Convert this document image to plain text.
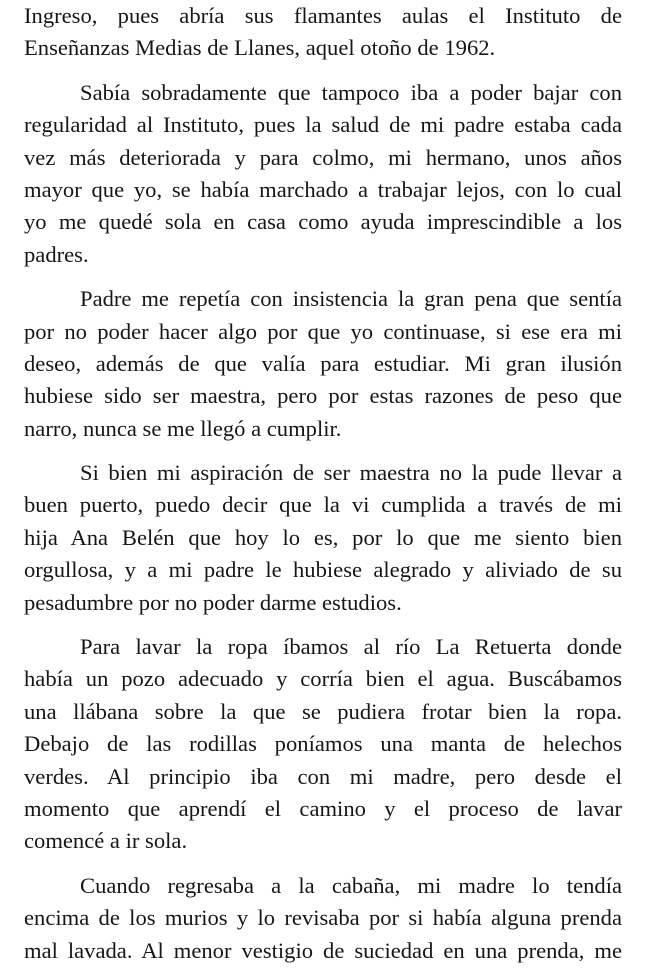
Ingreso, pues abría sus flamantes aulas el Instituto de
Enseñanzas Medias de Llanes, aquel otoño de 1962.
Sabía sobradamente que tampoco iba a poder bajar con
regularidad al Instituto, pues la salud de mi padre estaba cada
vez más deteriorada y para colmo, mi hermano, unos años
mayor que yo, se había marchado a trabajar lejos, con lo cual
yo me quedé sola en casa como ayuda imprescindible a los
padres.
Padre me repetía con insistencia la gran pena que sentía
por no poder hacer algo por que yo continuase, si ese era mi
deseo, además de que valía para estudiar. Mi gran ilusión
hubiese sido ser maestra, pero por estas razones de peso que
narro, nunca se me llegó a cumplir.
Si bien mi aspiración de ser maestra no la pude llevar a
buen puerto, puedo decir que la vi cumplida a través de mi
hija Ana Belén que hoy lo es, por lo que me siento bien
orgullosa, y a mi padre le hubiese alegrado y aliviado de su
pesadumbre por no poder darme estudios.
Para lavar la ropa íbamos al río La Retuerta donde
había un pozo adecuado y corría bien el agua. Buscábamos
una llábana sobre la que se pudiera frotar bien la ropa.
Debajo de las rodillas poníamos una manta de helechos
verdes. Al principio iba con mi madre, pero desde el
momento que aprendí el camino y el proceso de lavar
comencé a ir sola.
Cuando regresaba a la cabaña, mi madre lo tendía
encima de los murios y lo revisaba por si había alguna prenda
mal lavada. Al menor vestigio de suciedad en una prenda, me
